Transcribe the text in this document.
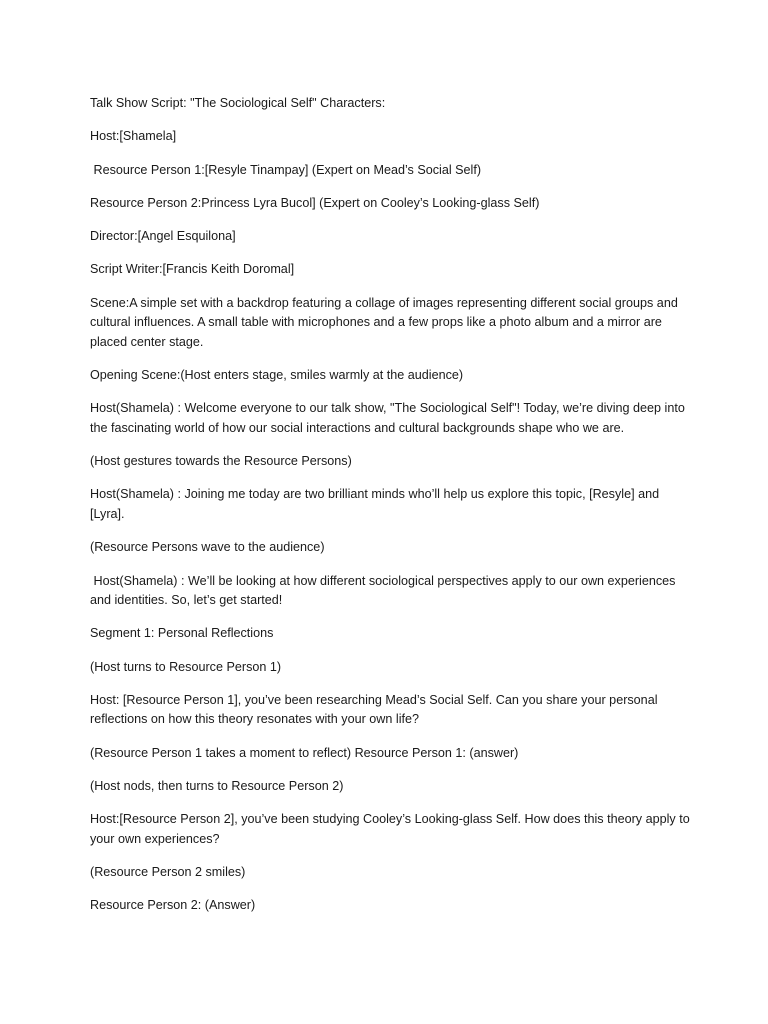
Talk Show Script: "The Sociological Self" Characters:

Host:[Shamela]

Resource Person 1:[Resyle Tinampay] (Expert on Mead’s Social Self)

Resource Person 2:Princess Lyra Bucol] (Expert on Cooley’s Looking-glass Self)

Director:[Angel Esquilona]

Script Writer:[Francis Keith Doromal]

Scene:A simple set with a backdrop featuring a collage of images representing different social groups and cultural influences. A small table with microphones and a few props like a photo album and a mirror are placed center stage.

Opening Scene:(Host enters stage, smiles warmly at the audience)

Host(Shamela) : Welcome everyone to our talk show, "The Sociological Self"! Today, we’re diving deep into the fascinating world of how our social interactions and cultural backgrounds shape who we are.

(Host gestures towards the Resource Persons)

Host(Shamela) : Joining me today are two brilliant minds who’ll help us explore this topic, [Resyle] and [Lyra].

(Resource Persons wave to the audience)

Host(Shamela) : We’ll be looking at how different sociological perspectives apply to our own experiences and identities. So, let’s get started!

Segment 1: Personal Reflections

(Host turns to Resource Person 1)

Host: [Resource Person 1], you’ve been researching Mead’s Social Self. Can you share your personal reflections on how this theory resonates with your own life?

(Resource Person 1 takes a moment to reflect) Resource Person 1: (answer)

(Host nods, then turns to Resource Person 2)

Host:[Resource Person 2], you’ve been studying Cooley’s Looking-glass Self. How does this theory apply to your own experiences?

(Resource Person 2 smiles)

Resource Person 2: (Answer)
